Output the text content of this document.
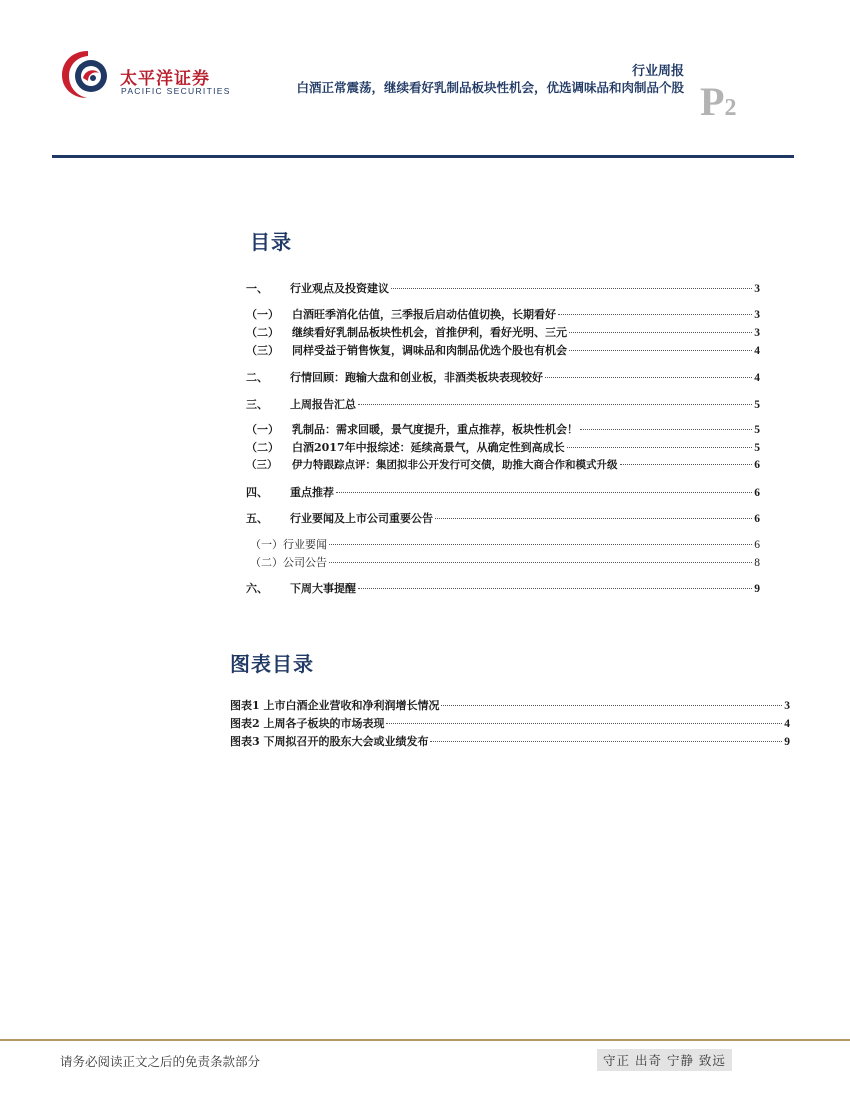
太平洋证券
PACIFIC SECURITIES
行业周报
白酒正常震荡，继续看好乳制品板块性机会，优选调味品和肉制品个股 P2
目录
一、	行业观点及投资建议	3
（一）	白酒旺季消化估值，三季报后启动估值切换，长期看好	3
（二）	继续看好乳制品板块性机会，首推伊利，看好光明、三元	3
（三）	同样受益于销售恢复，调味品和肉制品优选个股也有机会	4
二、	行情回顾：跑输大盘和创业板，非酒类板块表现较好	4
三、	上周报告汇总	5
（一）	乳制品：需求回暖，景气度提升，重点推荐，板块性机会！	5
（二）	白酒2017年中报综述：延续高景气，从确定性到高成长	5
（三）	伊力特跟踪点评：集团拟非公开发行可交债，助推大商合作和模式升级	6
四、	重点推荐	6
五、	行业要闻及上市公司重要公告	6
（一） 行业要闻	6
（二） 公司公告	8
六、	下周大事提醒	9
图表目录
图表1 上市白酒企业营收和净利润增长情况	3
图表2 上周各子板块的市场表现	4
图表3 下周拟召开的股东大会或业绩发布	9
请务必阅读正文之后的免责条款部分	守正 出奇 宁静 致远
